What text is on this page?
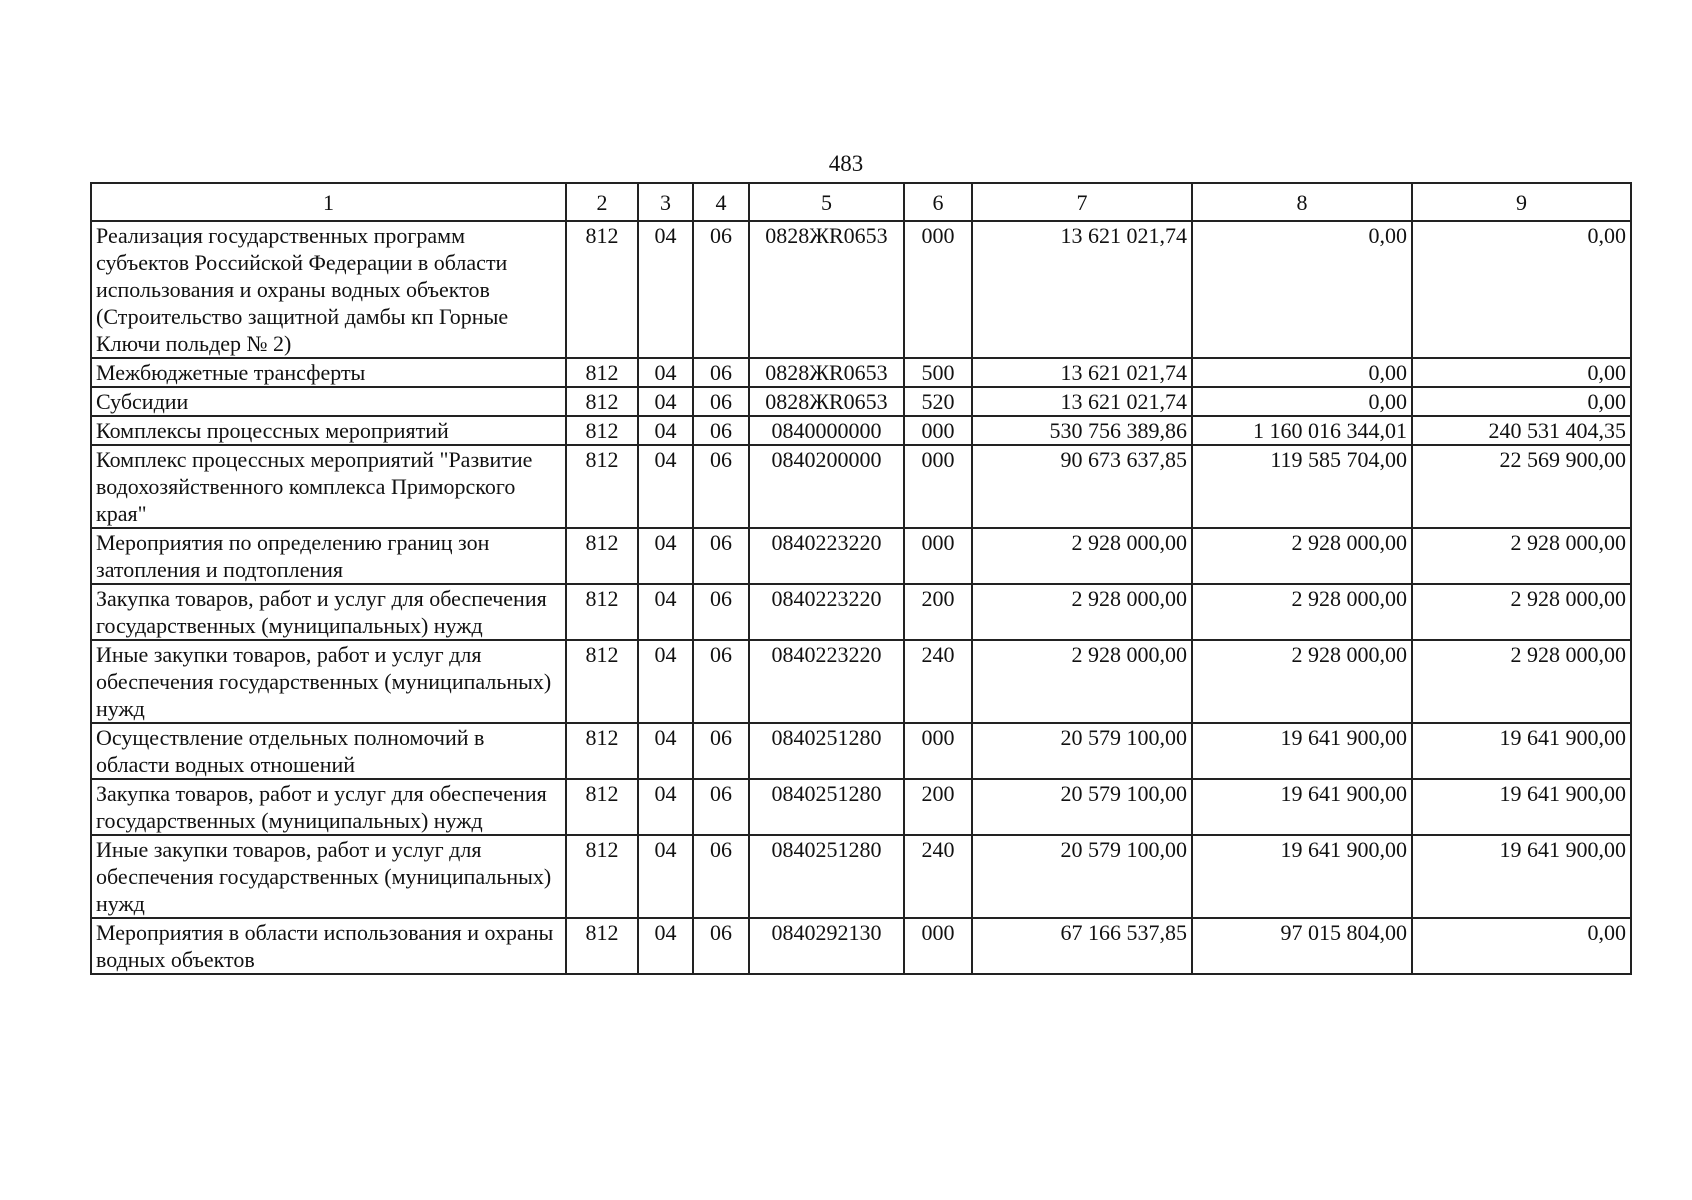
483
1	2	3	4	5	6	7	8	9
Реализация государственных программ субъектов Российской Федерации в области использования и охраны водных объектов (Строительство защитной дамбы кп Горные Ключи польдер № 2)	812	04	06	0828ЖR0653	000	13 621 021,74	0,00	0,00
Межбюджетные трансферты	812	04	06	0828ЖR0653	500	13 621 021,74	0,00	0,00
Субсидии	812	04	06	0828ЖR0653	520	13 621 021,74	0,00	0,00
Комплексы процессных мероприятий	812	04	06	0840000000	000	530 756 389,86	1 160 016 344,01	240 531 404,35
Комплекс процессных мероприятий "Развитие водохозяйственного комплекса Приморского края"	812	04	06	0840200000	000	90 673 637,85	119 585 704,00	22 569 900,00
Мероприятия по определению границ зон затопления и подтопления	812	04	06	0840223220	000	2 928 000,00	2 928 000,00	2 928 000,00
Закупка товаров, работ и услуг для обеспечения государственных (муниципальных) нужд	812	04	06	0840223220	200	2 928 000,00	2 928 000,00	2 928 000,00
Иные закупки товаров, работ и услуг для обеспечения государственных (муниципальных) нужд	812	04	06	0840223220	240	2 928 000,00	2 928 000,00	2 928 000,00
Осуществление отдельных полномочий в области водных отношений	812	04	06	0840251280	000	20 579 100,00	19 641 900,00	19 641 900,00
Закупка товаров, работ и услуг для обеспечения государственных (муниципальных) нужд	812	04	06	0840251280	200	20 579 100,00	19 641 900,00	19 641 900,00
Иные закупки товаров, работ и услуг для обеспечения государственных (муниципальных) нужд	812	04	06	0840251280	240	20 579 100,00	19 641 900,00	19 641 900,00
Мероприятия в области использования и охраны водных объектов	812	04	06	0840292130	000	67 166 537,85	97 015 804,00	0,00
